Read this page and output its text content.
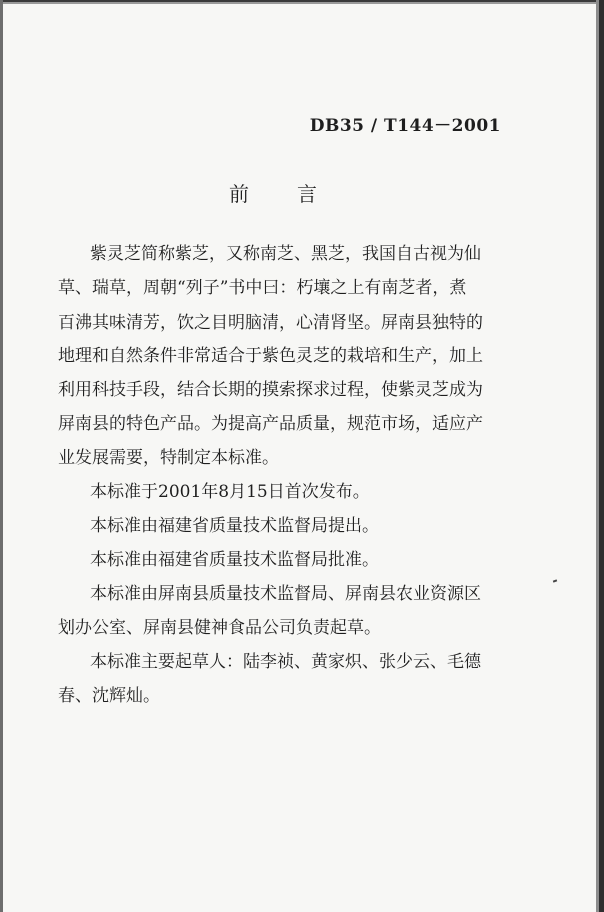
DB35 / T144－2001
前　言
紫灵芝简称紫芝，又称南芝、黑芝，我国自古视为仙
草、瑞草，周朝“列子”书中曰：朽壤之上有南芝者，煮
百沸其味清芳，饮之目明脑清，心清肾坚。屏南县独特的
地理和自然条件非常适合于紫色灵芝的栽培和生产，加上
利用科技手段，结合长期的摸索探求过程，使紫灵芝成为
屏南县的特色产品。为提高产品质量，规范市场，适应产
业发展需要，特制定本标准。
本标准于2001年8月15日首次发布。
本标准由福建省质量技术监督局提出。
本标准由福建省质量技术监督局批准。
本标准由屏南县质量技术监督局、屏南县农业资源区
划办公室、屏南县健神食品公司负责起草。
本标准主要起草人：陆李祯、黄家炽、张少云、毛德
春、沈辉灿。
